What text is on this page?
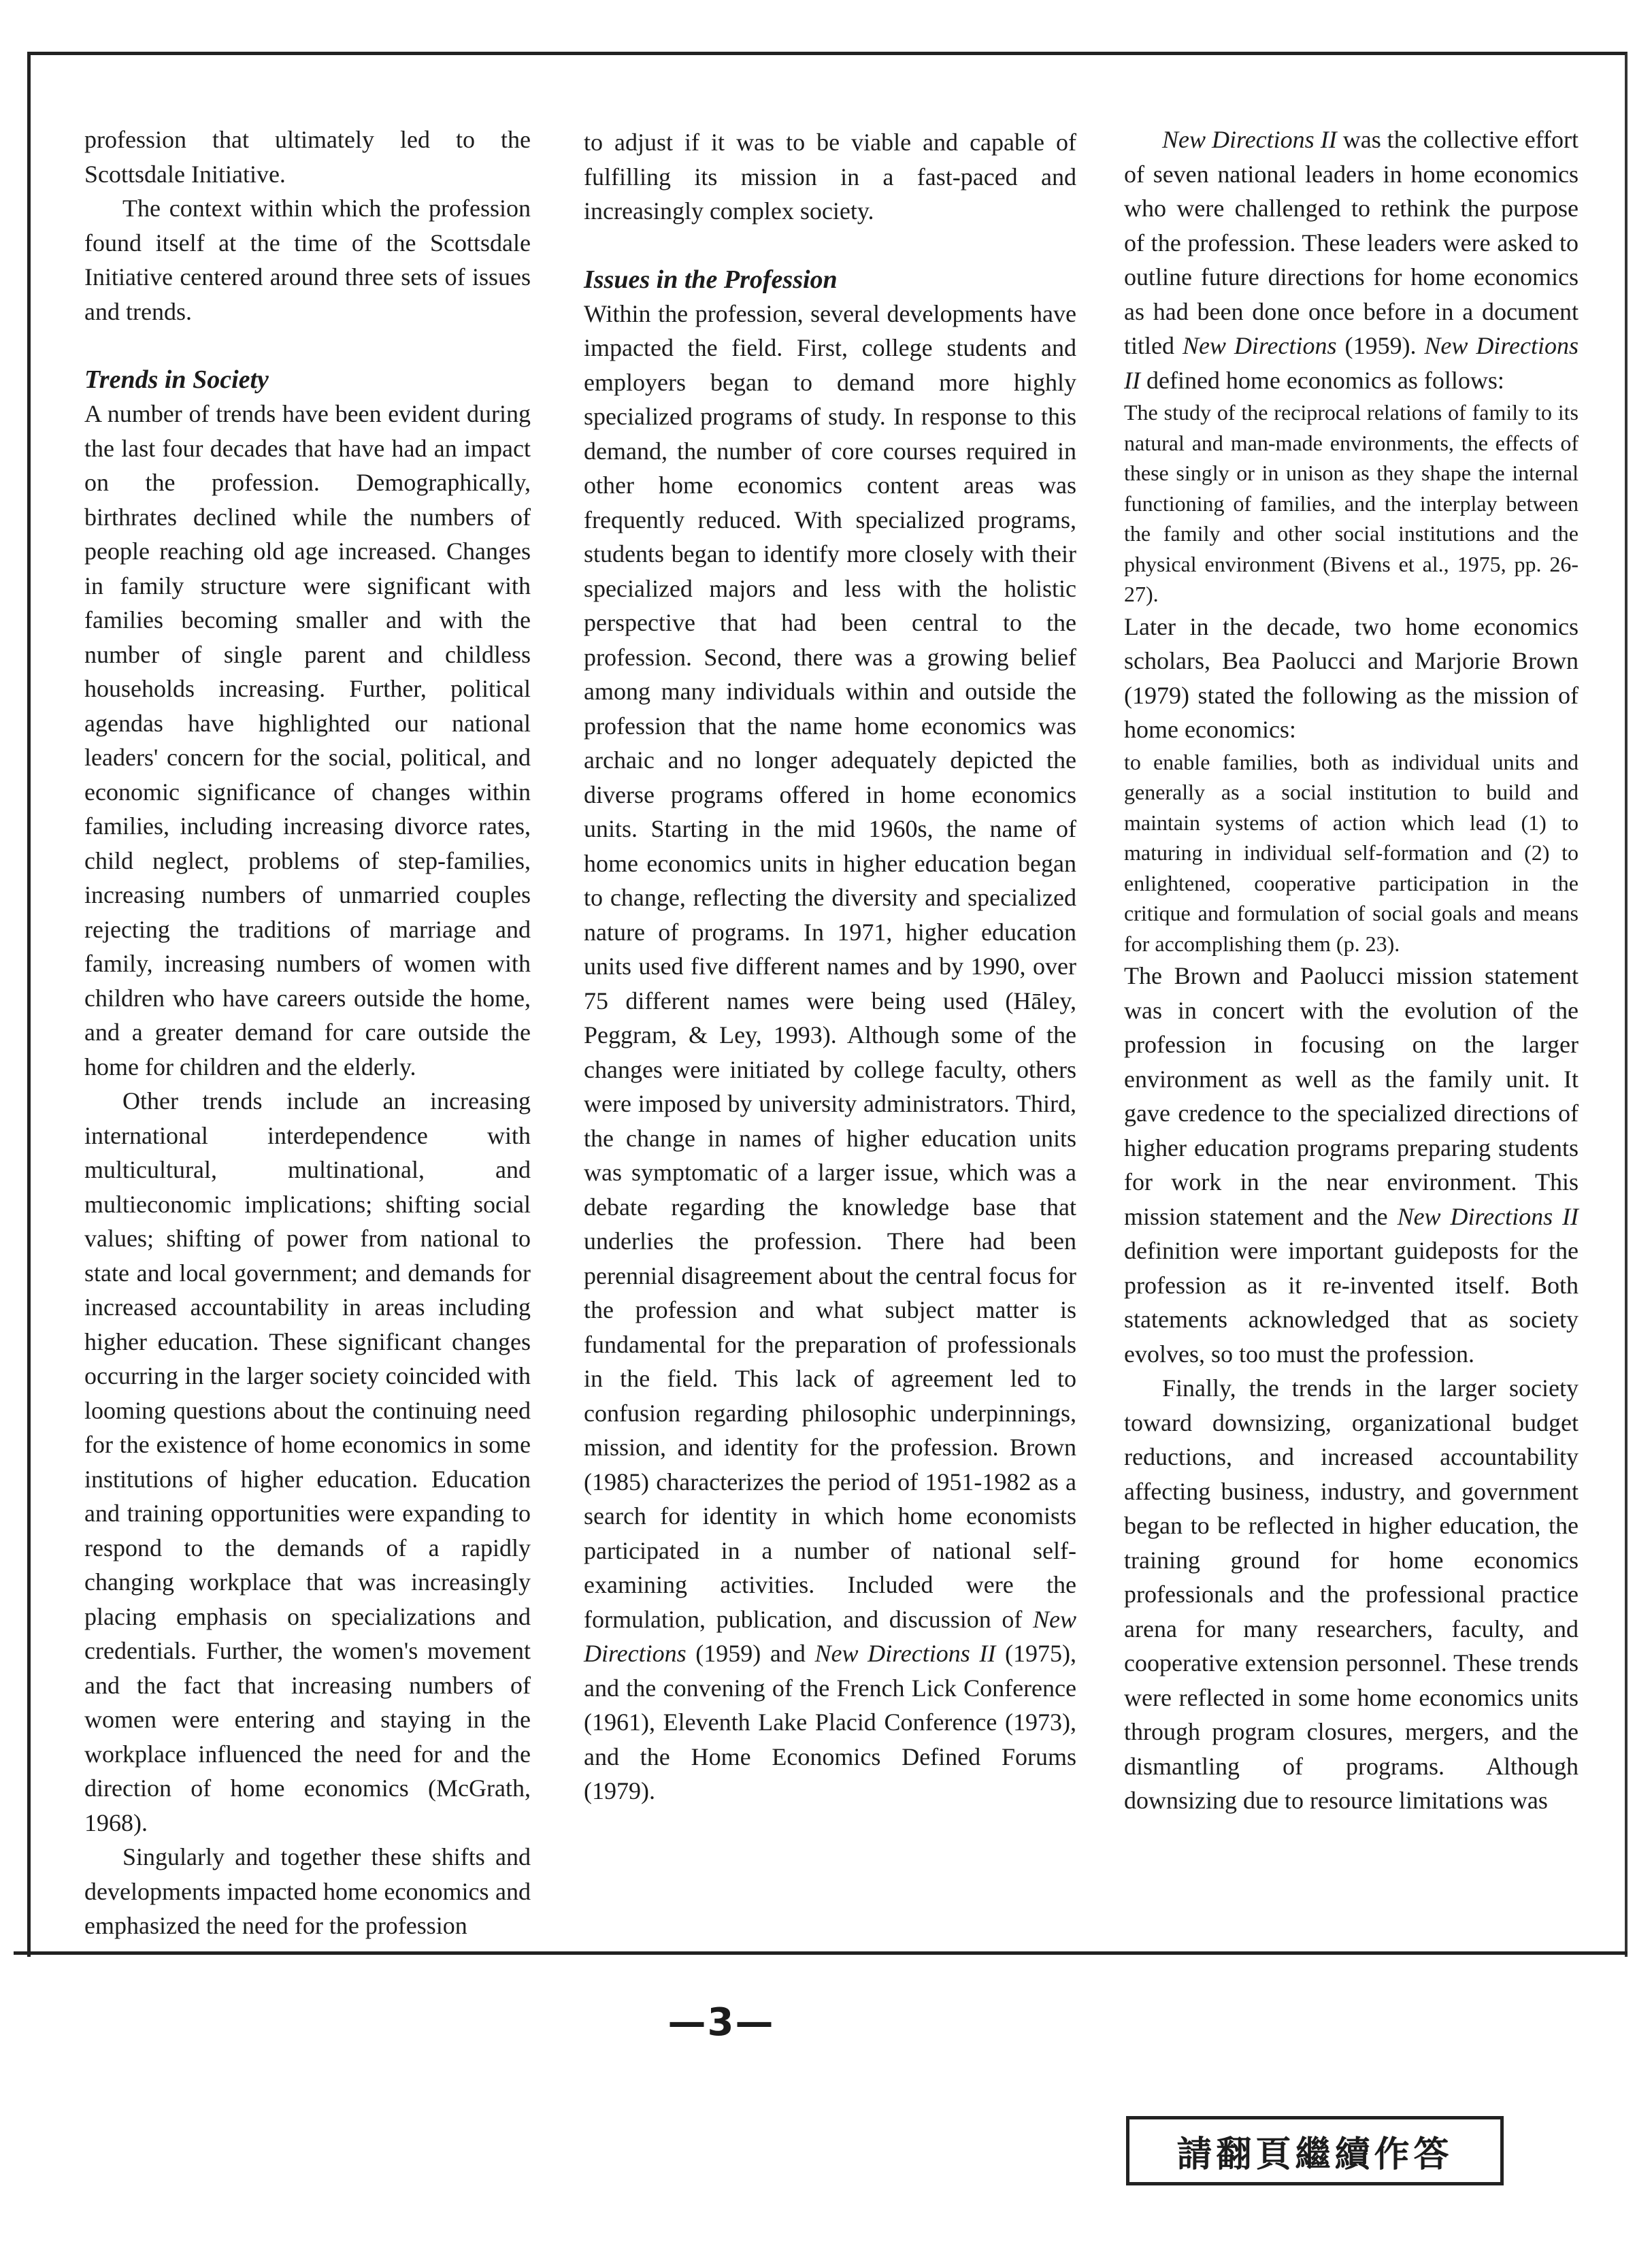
profession that ultimately led to the Scottsdale Initiative.

The context within which the profession found itself at the time of the Scottsdale Initiative centered around three sets of issues and trends.

Trends in Society

A number of trends have been evident during the last four decades that have had an impact on the profession. Demographically, birthrates declined while the numbers of people reaching old age increased. Changes in family structure were significant with families becoming smaller and with the number of single parent and childless households increasing. Further, political agendas have highlighted our national leaders' concern for the social, political, and economic significance of changes within families, including increasing divorce rates, child neglect, problems of step-families, increasing numbers of unmarried couples rejecting the traditions of marriage and family, increasing numbers of women with children who have careers outside the home, and a greater demand for care outside the home for children and the elderly.

Other trends include an increasing international interdependence with multicultural, multinational, and multieconomic implications; shifting social values; shifting of power from national to state and local government; and demands for increased accountability in areas including higher education. These significant changes occurring in the larger society coincided with looming questions about the continuing need for the existence of home economics in some institutions of higher education. Education and training opportunities were expanding to respond to the demands of a rapidly changing workplace that was increasingly placing emphasis on specializations and credentials. Further, the women's movement and the fact that increasing numbers of women were entering and staying in the workplace influenced the need for and the direction of home economics (McGrath, 1968).

Singularly and together these shifts and developments impacted home economics and emphasized the need for the profession

to adjust if it was to be viable and capable of fulfilling its mission in a fast-paced and increasingly complex society.

Issues in the Profession

Within the profession, several developments have impacted the field. First, college students and employers began to demand more highly specialized programs of study. In response to this demand, the number of core courses required in other home economics content areas was frequently reduced. With specialized programs, students began to identify more closely with their specialized majors and less with the holistic perspective that had been central to the profession. Second, there was a growing belief among many individuals within and outside the profession that the name home economics was archaic and no longer adequately depicted the diverse programs offered in home economics units. Starting in the mid 1960s, the name of home economics units in higher education began to change, reflecting the diversity and specialized nature of programs. In 1971, higher education units used five different names and by 1990, over 75 different names were being used (Hāley, Peggram, & Ley, 1993). Although some of the changes were initiated by college faculty, others were imposed by university administrators. Third, the change in names of higher education units was symptomatic of a larger issue, which was a debate regarding the knowledge base that underlies the profession. There had been perennial disagreement about the central focus for the profession and what subject matter is fundamental for the preparation of professionals in the field. This lack of agreement led to confusion regarding philosophic underpinnings, mission, and identity for the profession. Brown (1985) characterizes the period of 1951-1982 as a search for identity in which home economists participated in a number of national self-examining activities. Included were the formulation, publication, and discussion of New Directions (1959) and New Directions II (1975), and the convening of the French Lick Conference (1961), Eleventh Lake Placid Conference (1973), and the Home Economics Defined Forums (1979).

New Directions II was the collective effort of seven national leaders in home economics who were challenged to rethink the purpose of the profession. These leaders were asked to outline future directions for home economics as had been done once before in a document titled New Directions (1959). New Directions II defined home economics as follows:

The study of the reciprocal relations of family to its natural and man-made environments, the effects of these singly or in unison as they shape the internal functioning of families, and the interplay between the family and other social institutions and the physical environment (Bivens et al., 1975, pp. 26-27).

Later in the decade, two home economics scholars, Bea Paolucci and Marjorie Brown (1979) stated the following as the mission of home economics:

to enable families, both as individual units and generally as a social institution to build and maintain systems of action which lead (1) to maturing in individual self-formation and (2) to enlightened, cooperative participation in the critique and formulation of social goals and means for accomplishing them (p. 23).

The Brown and Paolucci mission statement was in concert with the evolution of the profession in focusing on the larger environment as well as the family unit. It gave credence to the specialized directions of higher education programs preparing students for work in the near environment. This mission statement and the New Directions II definition were important guideposts for the profession as it re-invented itself. Both statements acknowledged that as society evolves, so too must the profession.

Finally, the trends in the larger society toward downsizing, organizational budget reductions, and increased accountability affecting business, industry, and government began to be reflected in higher education, the training ground for home economics professionals and the professional practice arena for many researchers, faculty, and cooperative extension personnel. These trends were reflected in some home economics units through program closures, mergers, and the dismantling of programs. Although downsizing due to resource limitations was

—3—
請翻頁繼續作答
